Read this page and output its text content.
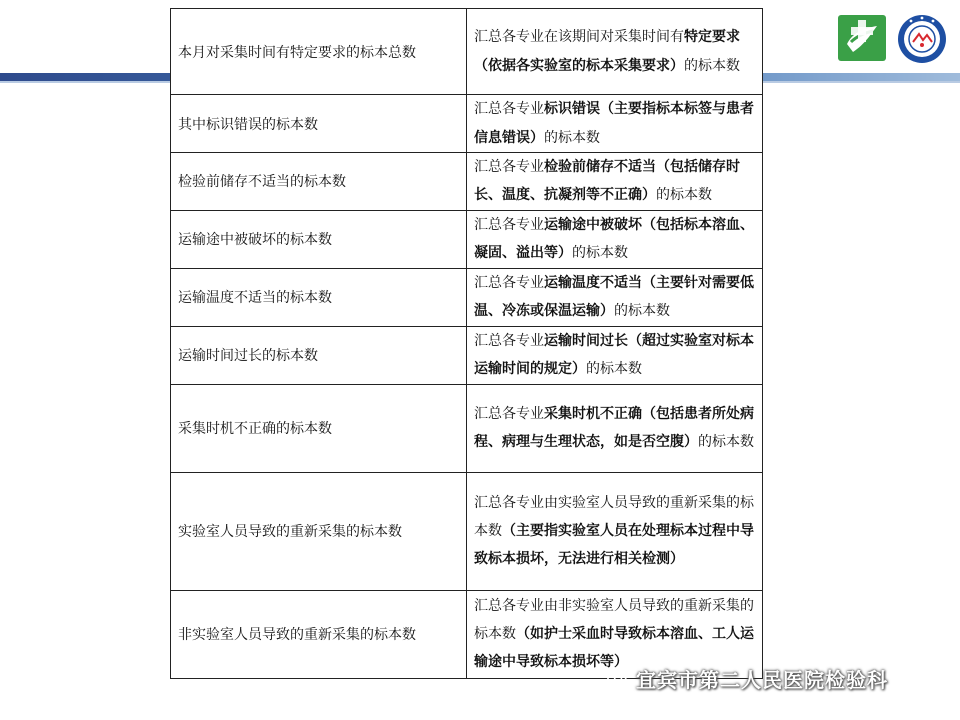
本月对采集时间有特定要求的标本总数	汇总各专业在该期间对采集时间有特定要求（依据各实验室的标本采集要求）的标本数
其中标识错误的标本数	汇总各专业标识错误（主要指标本标签与患者信息错误）的标本数
检验前储存不适当的标本数	汇总各专业检验前储存不适当（包括储存时长、温度、抗凝剂等不正确）的标本数
运输途中被破坏的标本数	汇总各专业运输途中被破坏（包括标本溶血、凝固、溢出等）的标本数
运输温度不适当的标本数	汇总各专业运输温度不适当（主要针对需要低温、冷冻或保温运输）的标本数
运输时间过长的标本数	汇总各专业运输时间过长（超过实验室对标本运输时间的规定）的标本数
采集时机不正确的标本数	汇总各专业采集时机不正确（包括患者所处病程、病理与生理状态，如是否空腹）的标本数
实验室人员导致的重新采集的标本数	汇总各专业由实验室人员导致的重新采集的标本数（主要指实验室人员在处理标本过程中导致标本损坏，无法进行相关检测）
非实验室人员导致的重新采集的标本数	汇总各专业由非实验室人员导致的重新采集的标本数（如护士采血时导致标本溶血、工人运输途中导致标本损坏等）
宜宾市第二人民医院检验科
